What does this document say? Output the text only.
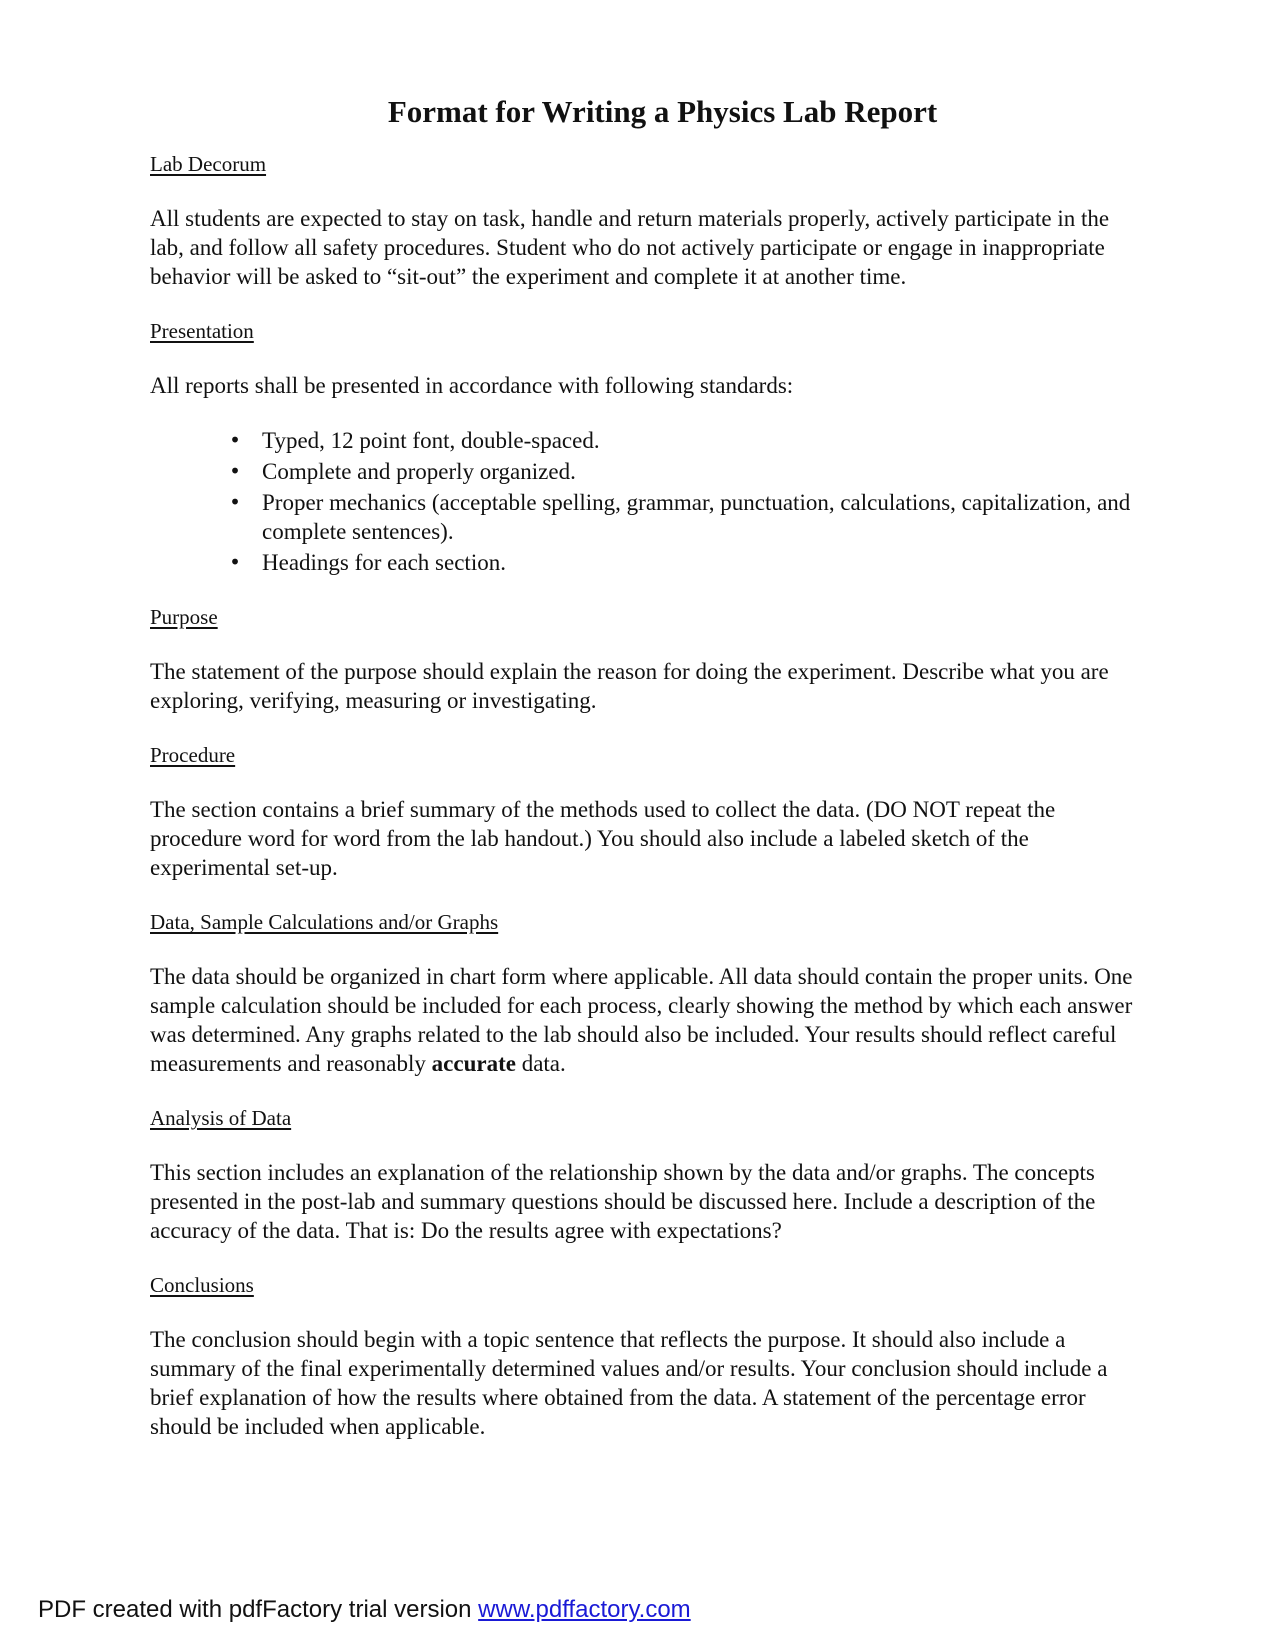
Format for Writing a Physics Lab Report
Lab Decorum

All students are expected to stay on task, handle and return materials properly, actively participate in the lab, and follow all safety procedures. Student who do not actively participate or engage in inappropriate behavior will be asked to “sit-out” the experiment and complete it at another time.

Presentation

All reports shall be presented in accordance with following standards:

• Typed, 12 point font, double-spaced.
• Complete and properly organized.
• Proper mechanics (acceptable spelling, grammar, punctuation, calculations, capitalization, and complete sentences).
• Headings for each section.
Purpose

The statement of the purpose should explain the reason for doing the experiment. Describe what you are exploring, verifying, measuring or investigating.

Procedure

The section contains a brief summary of the methods used to collect the data. (DO NOT repeat the procedure word for word from the lab handout.) You should also include a labeled sketch of the experimental set-up.

Data, Sample Calculations and/or Graphs

The data should be organized in chart form where applicable. All data should contain the proper units. One sample calculation should be included for each process, clearly showing the method by which each answer was determined. Any graphs related to the lab should also be included. Your results should reflect careful measurements and reasonably accurate data.

Analysis of Data

This section includes an explanation of the relationship shown by the data and/or graphs. The concepts presented in the post-lab and summary questions should be discussed here. Include a description of the accuracy of the data. That is: Do the results agree with expectations?

Conclusions

The conclusion should begin with a topic sentence that reflects the purpose. It should also include a summary of the final experimentally determined values and/or results. Your conclusion should include a brief explanation of how the results where obtained from the data. A statement of the percentage error should be included when applicable.

PDF created with pdfFactory trial version www.pdffactory.com
